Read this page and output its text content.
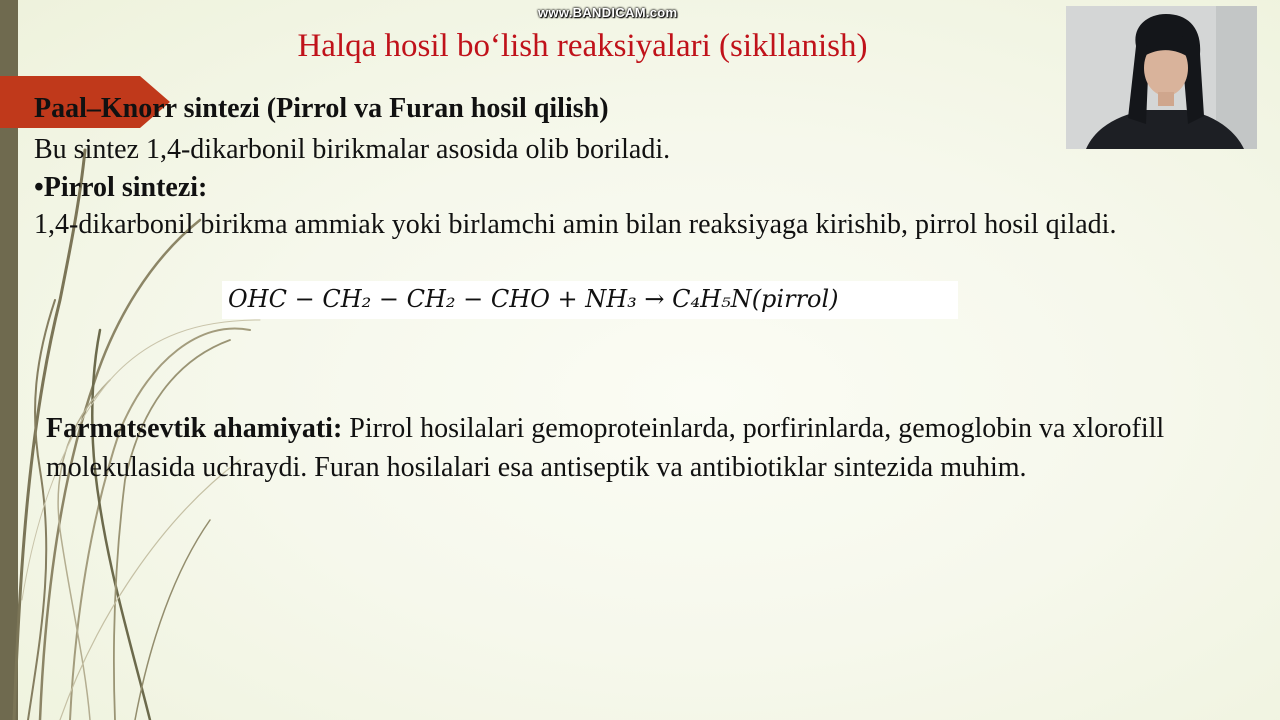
www.BANDICAM.com
Halqa hosil bo‘lish reaksiyalari (sikllanish)
Paal–Knorr sintezi (Pirrol va Furan hosil qilish)
Bu sintez 1,4-dikarbonil birikmalar asosida olib boriladi.
•Pirrol sintezi:
1,4-dikarbonil birikma ammiak yoki birlamchi amin bilan reaksiyaga kirishib, pirrol hosil qiladi.
OHC − CH₂ − CH₂ − CHO + NH₃ → C₄H₅N(pirrol)
Farmatsevtik ahamiyati: Pirrol hosilalari gemoproteinlarda, porfirinlarda, gemoglobin va xlorofill molekulasida uchraydi. Furan hosilalari esa antiseptik va antibiotiklar sintezida muhim.
